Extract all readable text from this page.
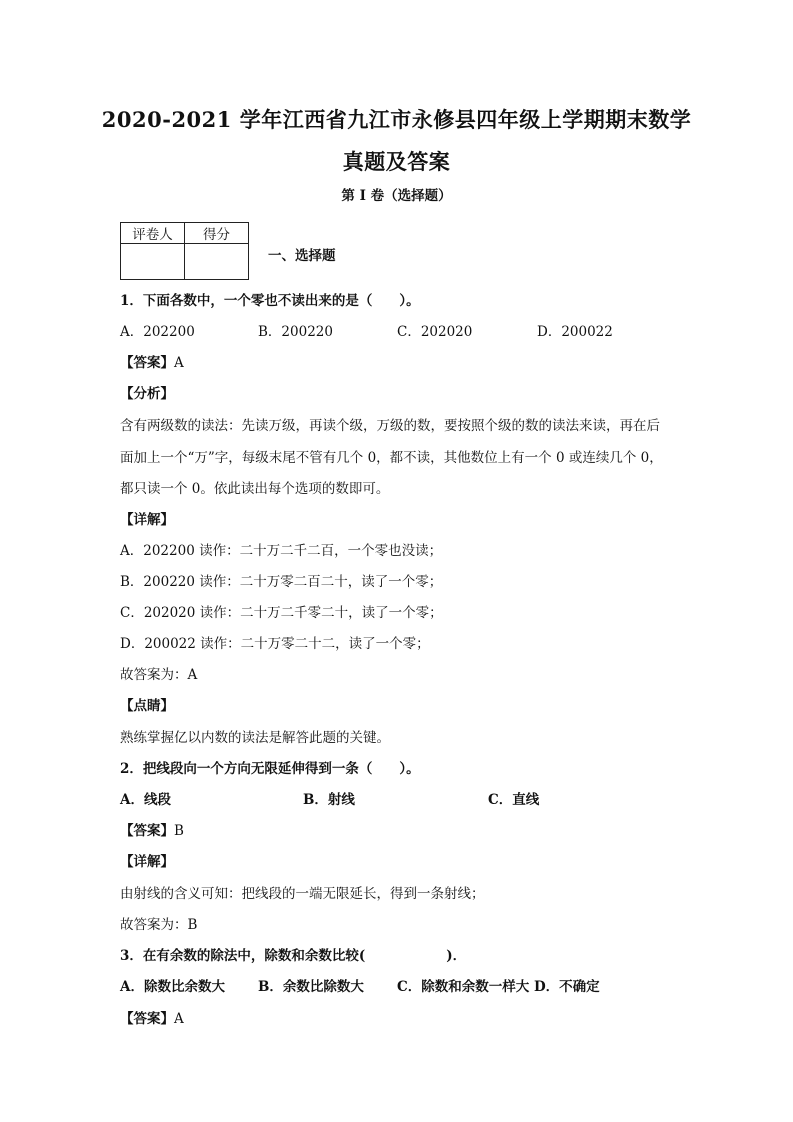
2020-2021 学年江西省九江市永修县四年级上学期期末数学
真题及答案
第 I 卷（选择题）
评卷人	得分

一、选择题
1．下面各数中，一个零也不读出来的是（　　）。
A．202200	B．200220	C．202020	D．200022
【答案】A
【分析】
含有两级数的读法：先读万级，再读个级，万级的数，要按照个级的数的读法来读，再在后
面加上一个“万”字，每级末尾不管有几个 0，都不读，其他数位上有一个 0 或连续几个 0，
都只读一个 0。依此读出每个选项的数即可。
【详解】
A．202200 读作：二十万二千二百，一个零也没读；
B．200220 读作：二十万零二百二十，读了一个零；
C．202020 读作：二十万二千零二十，读了一个零；
D．200022 读作：二十万零二十二，读了一个零；
故答案为：A
【点睛】
熟练掌握亿以内数的读法是解答此题的关键。
2．把线段向一个方向无限延伸得到一条（　　）。
A．线段	B．射线	C．直线
【答案】B
【详解】
由射线的含义可知：把线段的一端无限延长，得到一条射线；
故答案为：B
3．在有余数的除法中，除数和余数比较(　　　　　　)．
A．除数比余数大 B．余数比除数大 C．除数和余数一样大 D．不确定
【答案】A
